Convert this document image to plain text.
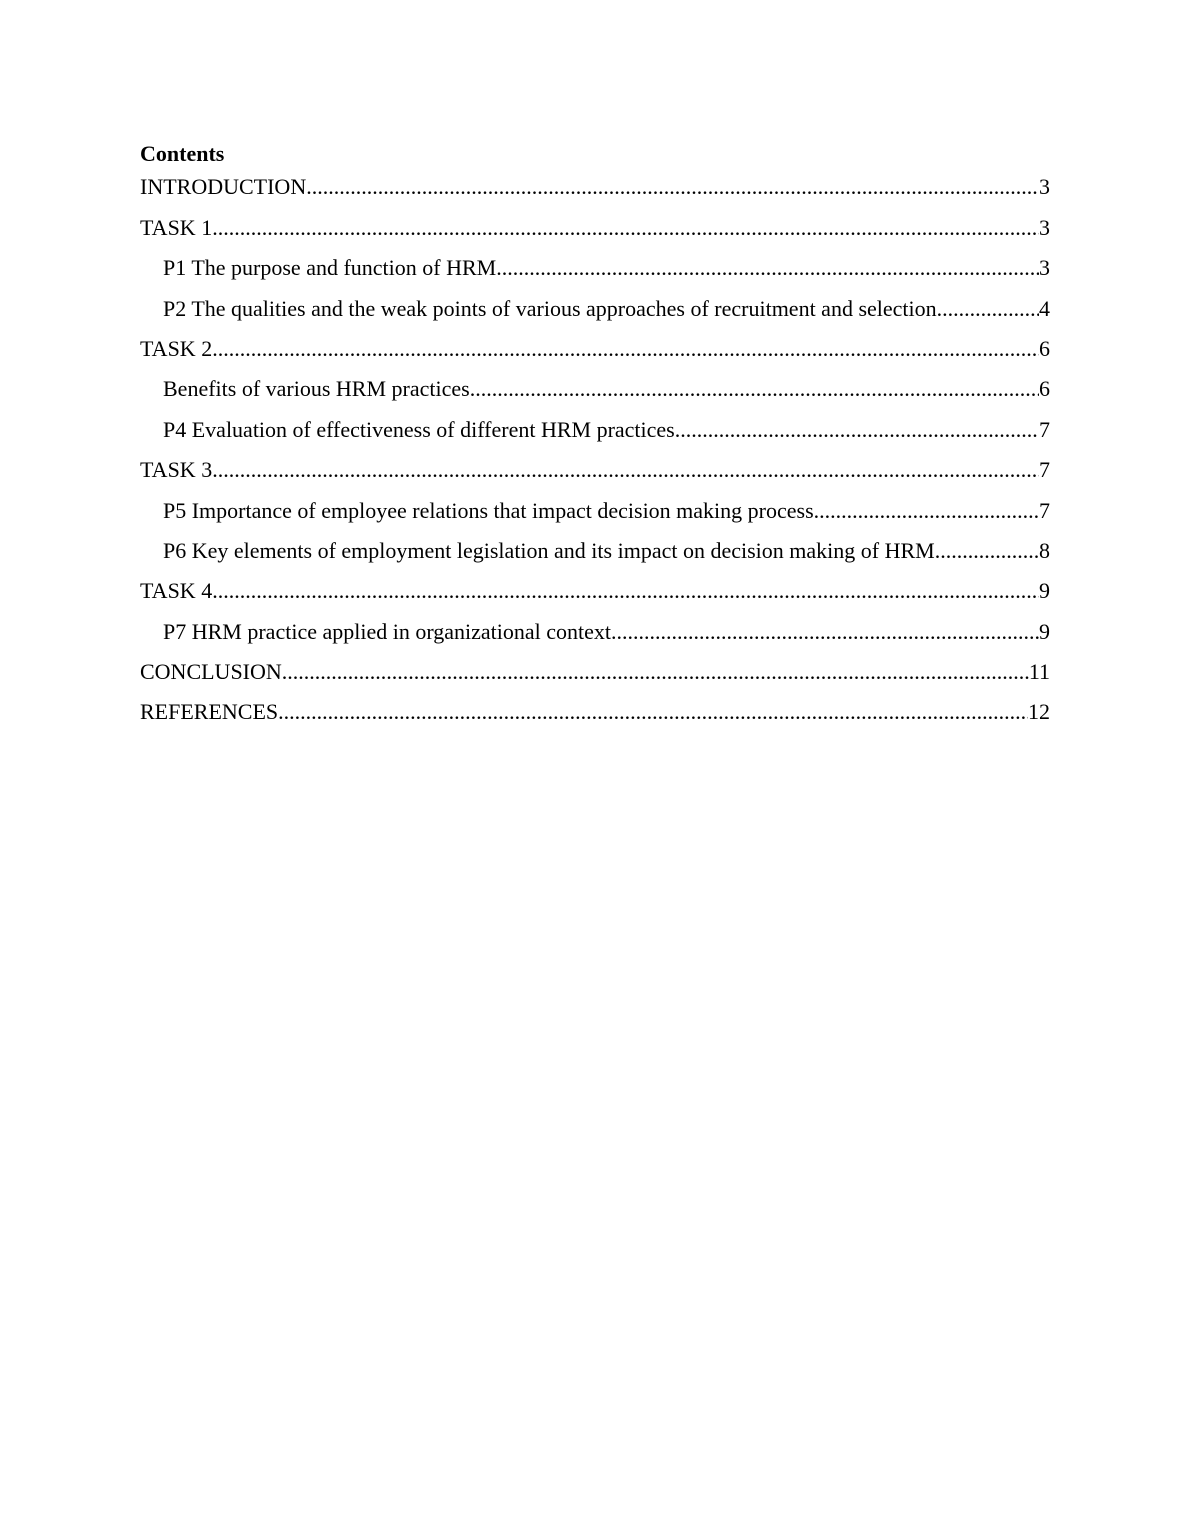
Contents
INTRODUCTION .....	3
TASK 1 .....	3
P1 The purpose and function of HRM .....	3
P2 The qualities and the weak points of various approaches of recruitment and selection .....	4
TASK 2 .....	6
Benefits of various HRM practices .....	6
P4 Evaluation of effectiveness of different HRM practices .....	7
TASK 3 .....	7
P5 Importance of employee relations that impact decision making process .....	7
P6 Key elements of employment legislation and its impact on decision making of HRM .....	8
TASK 4 .....	9
P7 HRM practice applied in organizational context .....	9
CONCLUSION .....	11
REFERENCES .....	12
